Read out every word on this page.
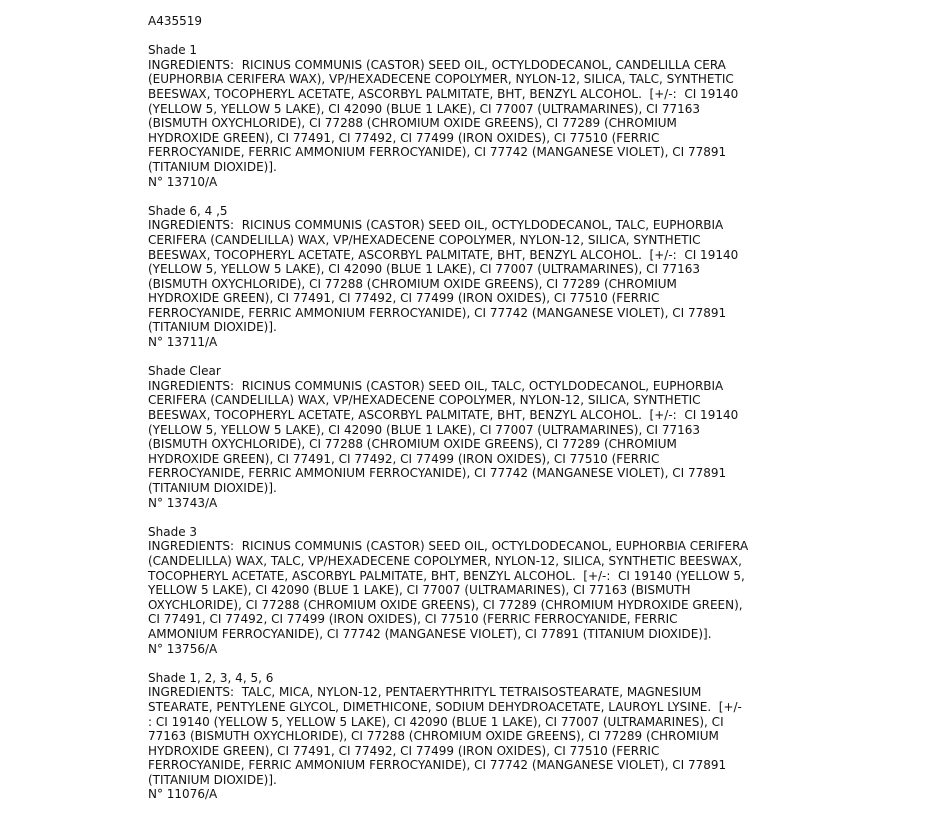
A435519
Shade 1
INGREDIENTS:  RICINUS COMMUNIS (CASTOR) SEED OIL, OCTYLDODECANOL, CANDELILLA CERA
(EUPHORBIA CERIFERA WAX), VP/HEXADECENE COPOLYMER, NYLON-12, SILICA, TALC, SYNTHETIC
BEESWAX, TOCOPHERYL ACETATE, ASCORBYL PALMITATE, BHT, BENZYL ALCOHOL.  [+/-:  CI 19140
(YELLOW 5, YELLOW 5 LAKE), CI 42090 (BLUE 1 LAKE), CI 77007 (ULTRAMARINES), CI 77163
(BISMUTH OXYCHLORIDE), CI 77288 (CHROMIUM OXIDE GREENS), CI 77289 (CHROMIUM
HYDROXIDE GREEN), CI 77491, CI 77492, CI 77499 (IRON OXIDES), CI 77510 (FERRIC
FERROCYANIDE, FERRIC AMMONIUM FERROCYANIDE), CI 77742 (MANGANESE VIOLET), CI 77891
(TITANIUM DIOXIDE)].
N° 13710/A
Shade 6, 4 ,5
INGREDIENTS:  RICINUS COMMUNIS (CASTOR) SEED OIL, OCTYLDODECANOL, TALC, EUPHORBIA
CERIFERA (CANDELILLA) WAX, VP/HEXADECENE COPOLYMER, NYLON-12, SILICA, SYNTHETIC
BEESWAX, TOCOPHERYL ACETATE, ASCORBYL PALMITATE, BHT, BENZYL ALCOHOL.  [+/-:  CI 19140
(YELLOW 5, YELLOW 5 LAKE), CI 42090 (BLUE 1 LAKE), CI 77007 (ULTRAMARINES), CI 77163
(BISMUTH OXYCHLORIDE), CI 77288 (CHROMIUM OXIDE GREENS), CI 77289 (CHROMIUM
HYDROXIDE GREEN), CI 77491, CI 77492, CI 77499 (IRON OXIDES), CI 77510 (FERRIC
FERROCYANIDE, FERRIC AMMONIUM FERROCYANIDE), CI 77742 (MANGANESE VIOLET), CI 77891
(TITANIUM DIOXIDE)].
N° 13711/A
Shade Clear
INGREDIENTS:  RICINUS COMMUNIS (CASTOR) SEED OIL, TALC, OCTYLDODECANOL, EUPHORBIA
CERIFERA (CANDELILLA) WAX, VP/HEXADECENE COPOLYMER, NYLON-12, SILICA, SYNTHETIC
BEESWAX, TOCOPHERYL ACETATE, ASCORBYL PALMITATE, BHT, BENZYL ALCOHOL.  [+/-:  CI 19140
(YELLOW 5, YELLOW 5 LAKE), CI 42090 (BLUE 1 LAKE), CI 77007 (ULTRAMARINES), CI 77163
(BISMUTH OXYCHLORIDE), CI 77288 (CHROMIUM OXIDE GREENS), CI 77289 (CHROMIUM
HYDROXIDE GREEN), CI 77491, CI 77492, CI 77499 (IRON OXIDES), CI 77510 (FERRIC
FERROCYANIDE, FERRIC AMMONIUM FERROCYANIDE), CI 77742 (MANGANESE VIOLET), CI 77891
(TITANIUM DIOXIDE)].
N° 13743/A
Shade 3
INGREDIENTS:  RICINUS COMMUNIS (CASTOR) SEED OIL, OCTYLDODECANOL, EUPHORBIA CERIFERA
(CANDELILLA) WAX, TALC, VP/HEXADECENE COPOLYMER, NYLON-12, SILICA, SYNTHETIC BEESWAX,
TOCOPHERYL ACETATE, ASCORBYL PALMITATE, BHT, BENZYL ALCOHOL.  [+/-:  CI 19140 (YELLOW 5,
YELLOW 5 LAKE), CI 42090 (BLUE 1 LAKE), CI 77007 (ULTRAMARINES), CI 77163 (BISMUTH
OXYCHLORIDE), CI 77288 (CHROMIUM OXIDE GREENS), CI 77289 (CHROMIUM HYDROXIDE GREEN),
CI 77491, CI 77492, CI 77499 (IRON OXIDES), CI 77510 (FERRIC FERROCYANIDE, FERRIC
AMMONIUM FERROCYANIDE), CI 77742 (MANGANESE VIOLET), CI 77891 (TITANIUM DIOXIDE)].
N° 13756/A
Shade 1, 2, 3, 4, 5, 6
INGREDIENTS:  TALC, MICA, NYLON-12, PENTAERYTHRITYL TETRAISOSTEARATE, MAGNESIUM
STEARATE, PENTYLENE GLYCOL, DIMETHICONE, SODIUM DEHYDROACETATE, LAUROYL LYSINE.  [+/-
: CI 19140 (YELLOW 5, YELLOW 5 LAKE), CI 42090 (BLUE 1 LAKE), CI 77007 (ULTRAMARINES), CI
77163 (BISMUTH OXYCHLORIDE), CI 77288 (CHROMIUM OXIDE GREENS), CI 77289 (CHROMIUM
HYDROXIDE GREEN), CI 77491, CI 77492, CI 77499 (IRON OXIDES), CI 77510 (FERRIC
FERROCYANIDE, FERRIC AMMONIUM FERROCYANIDE), CI 77742 (MANGANESE VIOLET), CI 77891
(TITANIUM DIOXIDE)].
N° 11076/A
